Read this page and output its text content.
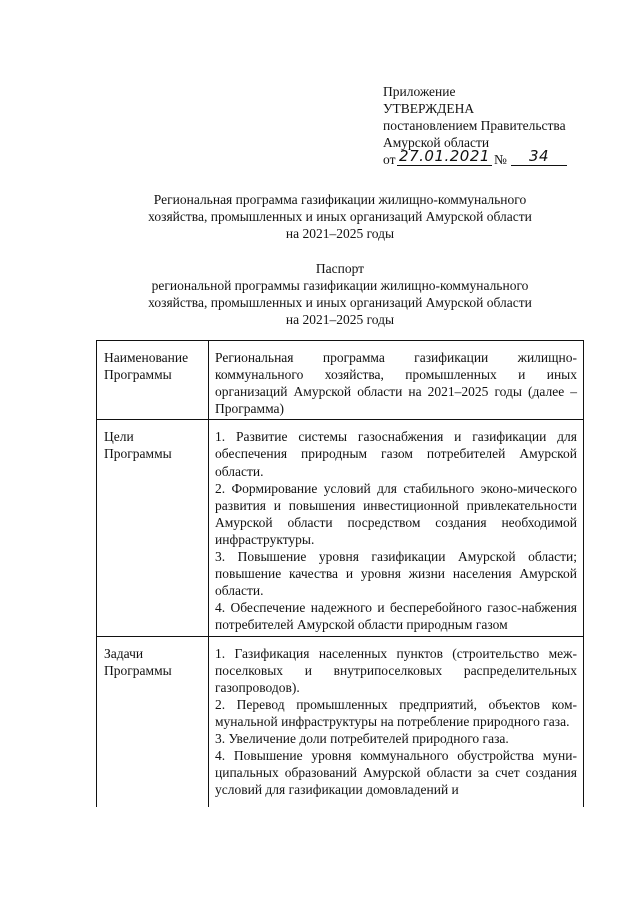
Приложение
УТВЕРЖДЕНА
постановлением Правительства
Амурской области
от 27.01.2021 №	34
Региональная программа газификации жилищно-коммунального
хозяйства, промышленных и иных организаций Амурской области
на 2021–2025 годы
Паспорт
региональной программы газификации жилищно-коммунального
хозяйства, промышленных и иных организаций Амурской области
на 2021–2025 годы
Наименование Программы	Региональная программа газификации жилищно-коммунального хозяйства, промышленных и иных организаций Амурской области на 2021–2025 годы (далее – Программа)
Цели Программы	1. Развитие системы газоснабжения и газификации для обеспечения природным газом потребителей Амурской области.
2. Формирование условий для стабильного эконо-мического развития и повышения инвестиционной привлекательности Амурской области посредством создания необходимой инфраструктуры.
3. Повышение уровня газификации Амурской области; повышение качества и уровня жизни населения Амурской области.
4. Обеспечение надежного и бесперебойного газос-набжения потребителей Амурской области природным газом

Задачи Программы	1. Газификация населенных пунктов (строительство меж-поселковых и внутрипоселковых распределительных газопроводов).
2. Перевод промышленных предприятий, объектов ком-мунальной инфраструктуры на потребление природного газа.
3. Увеличение доли потребителей природного газа.
4. Повышение уровня коммунального обустройства муни-ципальных образований Амурской области за счет создания условий для газификации домовладений и
